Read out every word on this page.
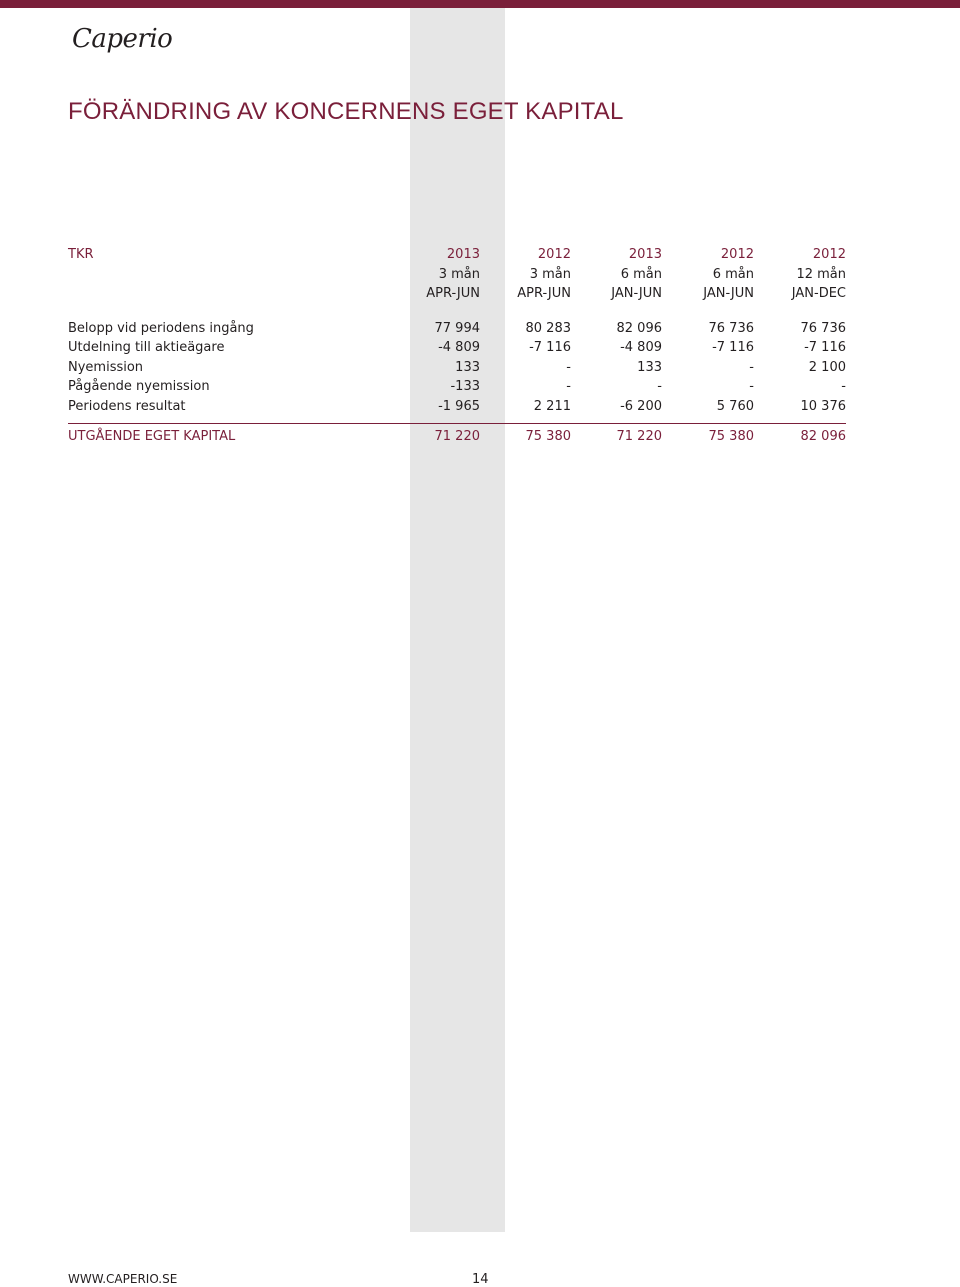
Caperio
FÖRÄNDRING AV KONCERNENS EGET KAPITAL
TKR	2013	2012	2013	2012	2012
3 mån	3 mån	6 mån	6 mån	12 mån
APR-JUN	APR-JUN	JAN-JUN	JAN-JUN	JAN-DEC
Belopp vid periodens ingång	77 994	80 283	82 096	76 736	76 736
Utdelning till aktieägare	-4 809	-7 116	-4 809	-7 116	-7 116
Nyemission	133	-	133	-	2 100
Pågående nyemission	-133	-	-	-	-
Periodens resultat	-1 965	2 211	-6 200	5 760	10 376
UTGÅENDE EGET KAPITAL	71 220	75 380	71 220	75 380	82 096
WWW.CAPERIO.SE	14
